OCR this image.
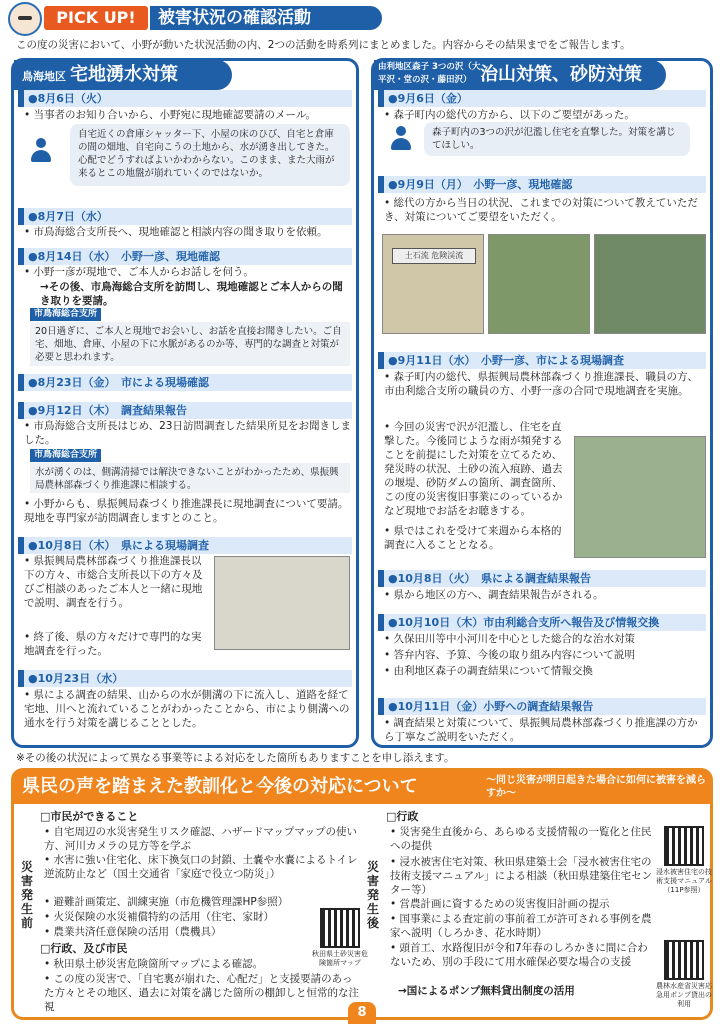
PICK UP!	被害状況の確認活動
この度の災害において、小野が動いた状況活動の内、2つの活動を時系列にまとめました。内容からその結果までをご報告します。
鳥海地区 宅地湧水対策
●8月6日（火）
• 当事者のお知り合いから、小野宛に現地確認要請のメール。
自宅近くの倉庫シャッター下、小屋の床のひび、自宅と倉庫の間の畑地、自宅向こうの土地から、水が湧き出してきた。心配でどうすればよいかわからない。このまま、また大雨が来るとこの地盤が崩れていくのではないか。
●8月7日（水）
• 市鳥海総合支所長へ、現地確認と相談内容の聞き取りを依頼。
●8月14日（水）　小野一彦、現地確認
• 小野一彦が現地で、ご本人からお話しを伺う。
→その後、市鳥海総合支所を訪問し、現地確認とご本人からの聞き取りを要請。
市鳥海総合支所
20日過ぎに、ご本人と現地でお会いし、お話を直接お聞きしたい。ご自宅、畑地、倉庫、小屋の下に水脈があるのか等、専門的な調査と対策が必要と思われます。
●8月23日（金）　市による現場確認
●9月12日（木）　調査結果報告
• 市鳥海総合支所長はじめ、23日訪問調査した結果所見をお聞きしました。
市鳥海総合支所
水が湧くのは、側溝清掃では解決できないことがわかったため、県振興局農林部森づくり推進課に相談する。
• 小野からも、県振興局森づくり推進課長に現地調査について要請。現地を専門家が訪問調査しますとのこと。
●10月8日（木）　県による現場調査
• 県振興局農林部森づくり推進課長以下の方々、市総合支所長以下の方々及びご相談のあったご本人と一緒に現地で説明、調査を行う。
• 終了後、県の方々だけで専門的な実地調査を行った。
●10月23日（水）
• 県による調査の結果、山からの水が側溝の下に流入し、道路を経て宅地、川へと流れていることがわかったことから、市により側溝への通水を行う対策を講じることとした。
治山対策、砂防対策
由利地区森子 3つの沢（大平沢・堂の沢・藤田沢）
●9月6日（金）
• 森子町内の総代の方から、以下のご要望があった。
森子町内の3つの沢が氾濫し住宅を直撃した。対策を講じてほしい。
●9月9日（月）　小野一彦、現地確認
• 総代の方から当日の状況、これまでの対策について教えていただき、対策についてご要望をいただく。
土石流 危険渓流
●9月11日（水）　小野一彦、市による現場調査
• 森子町内の総代、県振興局農林部森づくり推進課長、職員の方、市由利総合支所の職員の方、小野一彦の合同で現地調査を実施。
• 今回の災害で沢が氾濫し、住宅を直撃した。今後同じような雨が頻発することを前提にした対策を立てるため、発災時の状況、土砂の流入痕跡、過去の堰堤、砂防ダムの箇所、調査箇所、この度の災害復旧事業にのっているかなど現地でお話をお聴きする。
• 県ではこれを受けて来週から本格的調査に入ることとなる。
●10月8日（火）　県による調査結果報告
• 県から地区の方へ、調査結果報告がされる。
●10月10日（木）市由利総合支所へ報告及び情報交換
• 久保田川等中小河川を中心とした総合的な治水対策
• 答弁内容、予算、今後の取り組み内容について説明
• 由利地区森子の調査結果について情報交換
●10月11日（金）小野への調査結果報告
• 調査結果と対策について、県振興局農林部森づくり推進課の方から丁寧なご説明をいただく。
※その後の状況によって異なる事業等による対応をした箇所もありますことを申し添えます。
県民の声を踏まえた教訓化と今後の対応について	～同じ災害が明日起きた場合に如何に被害を減らすか～
災害発生前
□市民ができること
• 自宅周辺の水災害発生リスク確認、ハザードマップマップの使い方、河川カメラの見方等を学ぶ
• 水害に強い住宅化、床下換気口の封鎖、土嚢や水嚢によるトイレ逆流防止など（国土交通省「家庭で役立つ防災」）
• 避難計画策定、訓練実施（市危機管理課HP参照）
• 火災保険の水災補償特約の活用（住宅、家財）
• 農業共済任意保険の活用（農機具）
□行政、及び市民
• 秋田県土砂災害危険箇所マップによる確認。
• この度の災害で、「自宅裏が崩れた、心配だ」と支援要請のあった方々とその地区、過去に対策を講じた箇所の棚卸しと恒常的な注視
秋田県土砂災害危険箇所マップ
災害発生後
□行政
• 災害発生直後から、あらゆる支援情報の一覧化と住民への提供
• 浸水被害住宅対策、秋田県建築士会「浸水被害住宅の技術支援マニュアル」による相談（秋田県建築住宅センター等）
• 営農計画に資するための災害復旧計画の提示
• 国事業による査定前の事前着工が許可される事例を農家へ説明（しろかき、花水時期）
• 頭首工、水路復旧が令和7年春のしろかきに間に合わないため、別の手段にて用水確保必要な場合の支援
→国によるポンプ無料貸出制度の活用
浸水被害住宅の技術支援マニュアル（11P参照）
農林水産省災害応急用ポンプ貸出の利用
8
